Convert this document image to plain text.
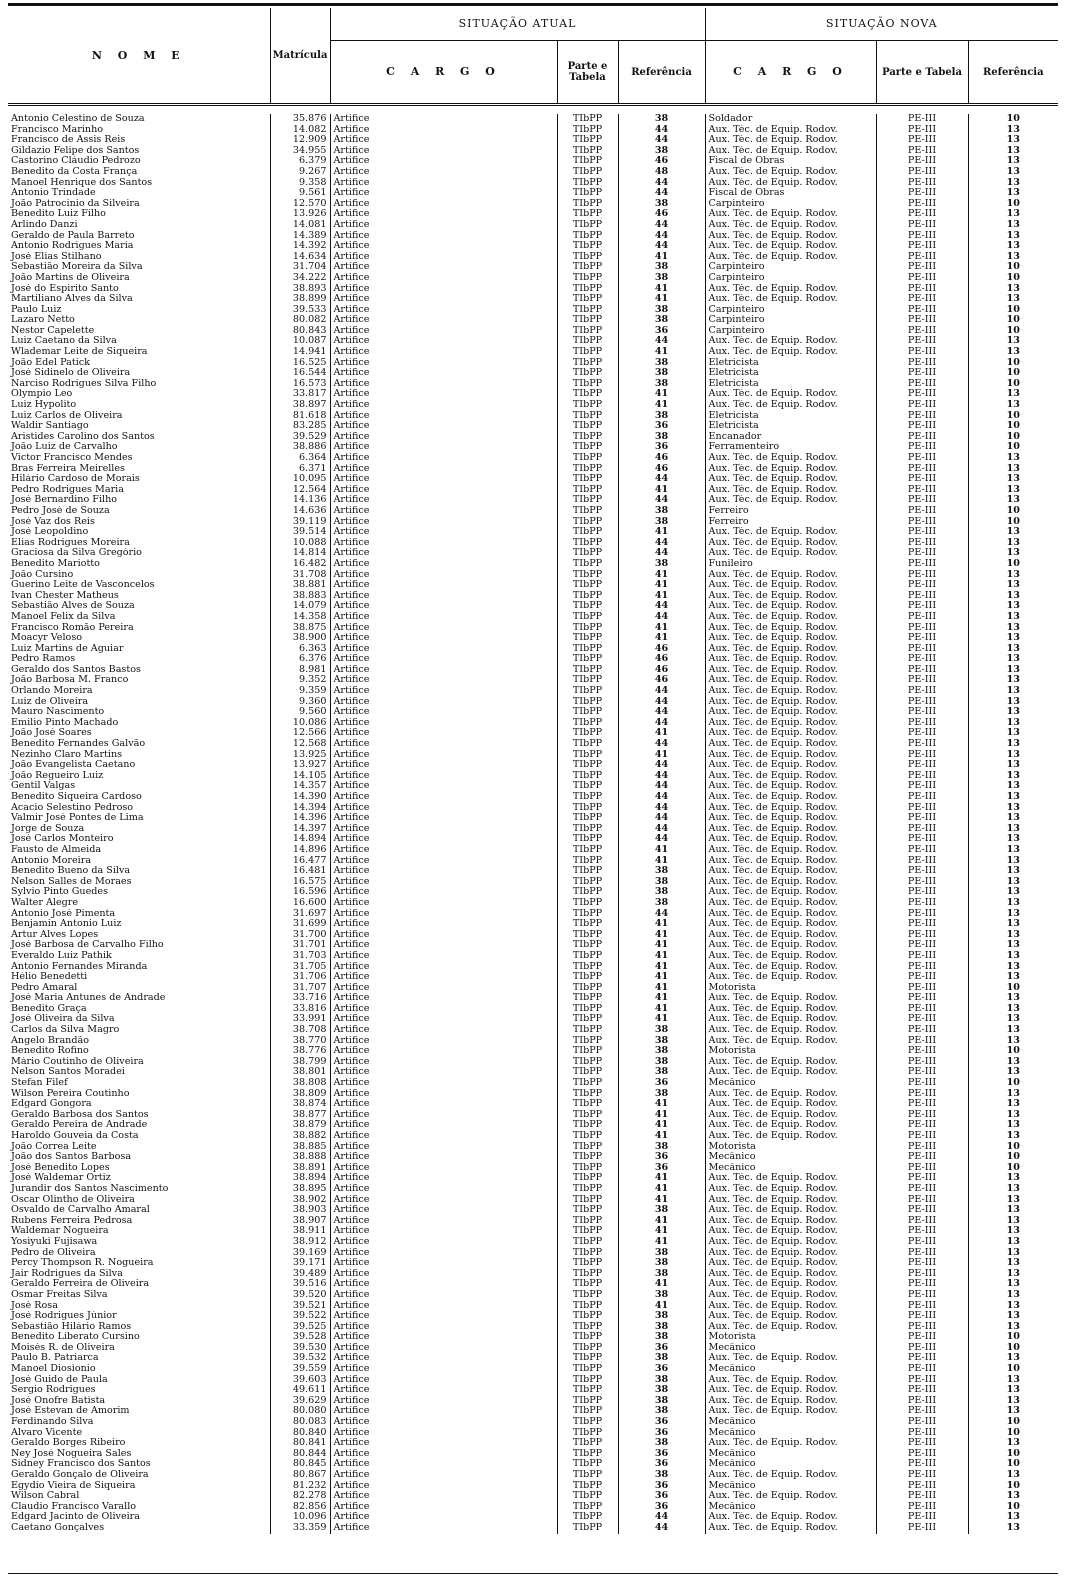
N O M E	Matrícula	SITUAÇÃO ATUAL			SITUAÇÃO NOVA		
		C A R G O	Parte e Tabela	Referência	C A R G O	Parte e Tabela	Referência

Antonio Celestino de Souza	35.876	Artifice	TIbPP	38	Soldador	PE-III	10
Francisco Marinho	14.082	Artifice	TIbPP	44	Aux. Téc. de Equip. Rodov.	PE-III	13
Francisco de Assis Reis	12.909	Artifice	TIbPP	44	Aux. Téc. de Equip. Rodov.	PE-III	13
Gildazio Felipe dos Santos	34.955	Artifice	TIbPP	38	Aux. Téc. de Equip. Rodov.	PE-III	13
Castorino Cláudio Pedrozo	6.379	Artifice	TIbPP	46	Fiscal de Obras	PE-III	13
Benedito da Costa França	9.267	Artifice	TIbPP	48	Aux. Téc. de Equip. Rodov.	PE-III	13
Manoel Henrique dos Santos	9.358	Artifice	TIbPP	44	Aux. Téc. de Equip. Rodov.	PE-III	13
Antonio Trindade	9.561	Artifice	TIbPP	44	Fiscal de Obras	PE-III	13
João Patrocinio da Silveira	12.570	Artifice	TIbPP	38	Carpinteiro	PE-III	10
Benedito Luiz Filho	13.926	Artifice	TIbPP	46	Aux. Téc. de Equip. Rodov.	PE-III	13
Arlindo Danzi	14.081	Artifice	TIbPP	44	Aux. Téc. de Equip. Rodov.	PE-III	13
Geraldo de Paula Barreto	14.389	Artifice	TIbPP	44	Aux. Téc. de Equip. Rodov.	PE-III	13
Antonio Rodrigues Maria	14.392	Artifice	TIbPP	44	Aux. Téc. de Equip. Rodov.	PE-III	13
José Elias Stilhano	14.634	Artifice	TIbPP	41	Aux. Téc. de Equip. Rodov.	PE-III	13
Sebastião Moreira da Silva	31.704	Artifice	TIbPP	38	Carpinteiro	PE-III	10
João Martins de Oliveira	34.222	Artifice	TIbPP	38	Carpinteiro	PE-III	10
José do Espirito Santo	38.893	Artifice	TIbPP	41	Aux. Téc. de Equip. Rodov.	PE-III	13
Martiliano Alves da Silva	38.899	Artifice	TIbPP	41	Aux. Téc. de Equip. Rodov.	PE-III	13
Paulo Luiz	39.533	Artifice	TIbPP	38	Carpinteiro	PE-III	10
Lazaro Netto	80.082	Artifice	TIbPP	38	Carpinteiro	PE-III	10
Nestor Capelette	80.843	Artifice	TIbPP	36	Carpinteiro	PE-III	10
Luiz Caetano da Silva	10.087	Artifice	TIbPP	44	Aux. Téc. de Equip. Rodov.	PE-III	13
Wlademar Leite de Siqueira	14.941	Artifice	TIbPP	41	Aux. Téc. de Equip. Rodov.	PE-III	13
João Edel Patick	16.525	Artifice	TIbPP	38	Eletricista	PE-III	10
José Sidinelo de Oliveira	16.544	Artifice	TIbPP	38	Eletricista	PE-III	10
Narciso Rodrigues Silva Filho	16.573	Artifice	TIbPP	38	Eletricista	PE-III	10
Olympio Leo	33.817	Artifice	TIbPP	41	Aux. Téc. de Equip. Rodov.	PE-III	13
Luiz Hypolito	38.897	Artifice	TIbPP	41	Aux. Téc. de Equip. Rodov.	PE-III	13
Luiz Carlos de Oliveira	81.618	Artifice	TIbPP	38	Eletricista	PE-III	10
Waldir Santiago	83.285	Artifice	TIbPP	36	Eletricista	PE-III	10
Aristides Carolino dos Santos	39.529	Artifice	TIbPP	38	Encanador	PE-III	10
João Luiz de Carvalho	38.886	Artifice	TIbPP	36	Ferramenteiro	PE-III	10
Victor Francisco Mendes	6.364	Artifice	TIbPP	46	Aux. Téc. de Equip. Rodov.	PE-III	13
Bras Ferreira Meirelles	6.371	Artifice	TIbPP	46	Aux. Téc. de Equip. Rodov.	PE-III	13
Hilário Cardoso de Morais	10.095	Artifice	TIbPP	44	Aux. Téc. de Equip. Rodov.	PE-III	13
Pedro Rodrigues Maria	12.564	Artifice	TIbPP	41	Aux. Téc. de Equip. Rodov.	PE-III	13
José Bernardino Filho	14.136	Artifice	TIbPP	44	Aux. Téc. de Equip. Rodov.	PE-III	13
Pedro José de Souza	14.636	Artifice	TIbPP	38	Ferreiro	PE-III	10
José Vaz dos Reis	39.119	Artifice	TIbPP	38	Ferreiro	PE-III	10
José Leopoldino	39.514	Artifice	TIbPP	41	Aux. Téc. de Equip. Rodov.	PE-III	13
Elias Rodrigues Moreira	10.088	Artifice	TIbPP	44	Aux. Téc. de Equip. Rodov.	PE-III	13
Graciosa da Silva Gregório	14.814	Artifice	TIbPP	44	Aux. Téc. de Equip. Rodov.	PE-III	13
Benedito Mariotto	16.482	Artifice	TIbPP	38	Funileiro	PE-III	10
João Cursino	31.708	Artifice	TIbPP	41	Aux. Téc. de Equip. Rodov.	PE-III	13
Guerino Leite de Vasconcelos	38.881	Artifice	TIbPP	41	Aux. Téc. de Equip. Rodov.	PE-III	13
Ivan Chester Matheus	38.883	Artifice	TIbPP	41	Aux. Téc. de Equip. Rodov.	PE-III	13
Sebastião Alves de Souza	14.079	Artifice	TIbPP	44	Aux. Téc. de Equip. Rodov.	PE-III	13
Manoel Felix da Silva	14.358	Artifice	TIbPP	44	Aux. Téc. de Equip. Rodov.	PE-III	13
Francisco Romão Pereira	38.875	Artifice	TIbPP	41	Aux. Téc. de Equip. Rodov.	PE-III	13
Moacyr Veloso	38.900	Artifice	TIbPP	41	Aux. Téc. de Equip. Rodov.	PE-III	13
Luiz Martins de Aguiar	6.363	Artifice	TIbPP	46	Aux. Téc. de Equip. Rodov.	PE-III	13
Pedro Ramos	6.376	Artifice	TIbPP	46	Aux. Téc. de Equip. Rodov.	PE-III	13
Geraldo dos Santos Bastos	8.981	Artifice	TIbPP	46	Aux. Téc. de Equip. Rodov.	PE-III	13
João Barbosa M. Franco	9.352	Artifice	TIbPP	46	Aux. Téc. de Equip. Rodov.	PE-III	13
Orlando Moreira	9.359	Artifice	TIbPP	44	Aux. Téc. de Equip. Rodov.	PE-III	13
Luiz de Oliveira	9.360	Artifice	TIbPP	44	Aux. Téc. de Equip. Rodov.	PE-III	13
Mauro Nascimento	9.560	Artifice	TIbPP	44	Aux. Téc. de Equip. Rodov.	PE-III	13
Emilio Pinto Machado	10.086	Artifice	TIbPP	44	Aux. Téc. de Equip. Rodov.	PE-III	13
João José Soares	12.566	Artifice	TIbPP	41	Aux. Téc. de Equip. Rodov.	PE-III	13
Benedito Fernandes Galvão	12.568	Artifice	TIbPP	44	Aux. Téc. de Equip. Rodov.	PE-III	13
Nezinho Claro Martins	13.925	Artifice	TIbPP	41	Aux. Téc. de Equip. Rodov.	PE-III	13
João Evangelista Caetano	13.927	Artifice	TIbPP	44	Aux. Téc. de Equip. Rodov.	PE-III	13
João Regueiro Luiz	14.105	Artifice	TIbPP	44	Aux. Téc. de Equip. Rodov.	PE-III	13
Gentil Valgas	14.357	Artifice	TIbPP	44	Aux. Téc. de Equip. Rodov.	PE-III	13
Benedito Siqueira Cardoso	14.390	Artifice	TIbPP	44	Aux. Téc. de Equip. Rodov.	PE-III	13
Acacio Selestino Pedroso	14.394	Artifice	TIbPP	44	Aux. Téc. de Equip. Rodov.	PE-III	13
Valmir José Pontes de Lima	14.396	Artifice	TIbPP	44	Aux. Téc. de Equip. Rodov.	PE-III	13
Jorge de Souza	14.397	Artifice	TIbPP	44	Aux. Téc. de Equip. Rodov.	PE-III	13
José Carlos Monteiro	14.894	Artifice	TIbPP	44	Aux. Téc. de Equip. Rodov.	PE-III	13
Fausto de Almeida	14.896	Artifice	TIbPP	41	Aux. Téc. de Equip. Rodov.	PE-III	13
Antonio Moreira	16.477	Artifice	TIbPP	41	Aux. Téc. de Equip. Rodov.	PE-III	13
Benedito Bueno da Silva	16.481	Artifice	TIbPP	38	Aux. Téc. de Equip. Rodov.	PE-III	13
Nelson Salles de Moraes	16.575	Artifice	TIbPP	38	Aux. Téc. de Equip. Rodov.	PE-III	13
Sylvio Pinto Guedes	16.596	Artifice	TIbPP	38	Aux. Téc. de Equip. Rodov.	PE-III	13
Walter Alegre	16.600	Artifice	TIbPP	38	Aux. Téc. de Equip. Rodov.	PE-III	13
Antonio José Pimenta	31.697	Artifice	TIbPP	44	Aux. Téc. de Equip. Rodov.	PE-III	13
Benjamin Antonio Luiz	31.699	Artifice	TIbPP	41	Aux. Téc. de Equip. Rodov.	PE-III	13
Artur Alves Lopes	31.700	Artifice	TIbPP	41	Aux. Téc. de Equip. Rodov.	PE-III	13
José Barbosa de Carvalho Filho	31.701	Artifice	TIbPP	41	Aux. Téc. de Equip. Rodov.	PE-III	13
Everaldo Luiz Pathik	31.703	Artifice	TIbPP	41	Aux. Téc. de Equip. Rodov.	PE-III	13
Antonio Fernandes Miranda	31.705	Artifice	TIbPP	41	Aux. Téc. de Equip. Rodov.	PE-III	13
Hélio Benedetti	31.706	Artifice	TIbPP	41	Aux. Téc. de Equip. Rodov.	PE-III	13
Pedro Amaral	31.707	Artifice	TIbPP	41	Motorista	PE-III	10
José Maria Antunes de Andrade	33.716	Artifice	TIbPP	41	Aux. Téc. de Equip. Rodov.	PE-III	13
Benedito Graça	33.816	Artifice	TIbPP	41	Aux. Téc. de Equip. Rodov.	PE-III	13
José Oliveira da Silva	33.991	Artifice	TIbPP	41	Aux. Téc. de Equip. Rodov.	PE-III	13
Carlos da Silva Magro	38.708	Artifice	TIbPP	38	Aux. Téc. de Equip. Rodov.	PE-III	13
Angelo Brandão	38.770	Artifice	TIbPP	38	Aux. Téc. de Equip. Rodov.	PE-III	13
Benedito Rofino	38.776	Artifice	TIbPP	38	Motorista	PE-III	10
Mário Coutinho de Oliveira	38.799	Artifice	TIbPP	38	Aux. Téc. de Equip. Rodov.	PE-III	13
Nelson Santos Moradei	38.801	Artifice	TIbPP	38	Aux. Téc. de Equip. Rodov.	PE-III	13
Stefan Filef	38.808	Artifice	TIbPP	36	Mecânico	PE-III	10
Wilson Pereira Coutinho	38.809	Artifice	TIbPP	38	Aux. Téc. de Equip. Rodov.	PE-III	13
Edgard Gongora	38.874	Artifice	TIbPP	41	Aux. Téc. de Equip. Rodov.	PE-III	13
Geraldo Barbosa dos Santos	38.877	Artifice	TIbPP	41	Aux. Téc. de Equip. Rodov.	PE-III	13
Geraldo Pereira de Andrade	38.879	Artifice	TIbPP	41	Aux. Téc. de Equip. Rodov.	PE-III	13
Haroldo Gouveia da Costa	38.882	Artifice	TIbPP	41	Aux. Téc. de Equip. Rodov.	PE-III	13
João Correa Leite	38.885	Artifice	TIbPP	38	Motorista	PE-III	10
João dos Santos Barbosa	38.888	Artifice	TIbPP	36	Mecânico	PE-III	10
José Benedito Lopes	38.891	Artifice	TIbPP	36	Mecânico	PE-III	10
José Waldemar Ortiz	38.894	Artifice	TIbPP	41	Aux. Téc. de Equip. Rodov.	PE-III	13
Jurandir dos Santos Nascimento	38.895	Artifice	TIbPP	41	Aux. Téc. de Equip. Rodov.	PE-III	13
Oscar Olintho de Oliveira	38.902	Artifice	TIbPP	41	Aux. Téc. de Equip. Rodov.	PE-III	13
Osvaldo de Carvalho Amaral	38.903	Artifice	TIbPP	38	Aux. Téc. de Equip. Rodov.	PE-III	13
Rubens Ferreira Pedrosa	38.907	Artifice	TIbPP	41	Aux. Téc. de Equip. Rodov.	PE-III	13
Waldemar Nogueira	38.911	Artifice	TIbPP	41	Aux. Téc. de Equip. Rodov.	PE-III	13
Yosiyuki Fujisawa	38.912	Artifice	TIbPP	41	Aux. Téc. de Equip. Rodov.	PE-III	13
Pedro de Oliveira	39.169	Artifice	TIbPP	38	Aux. Téc. de Equip. Rodov.	PE-III	13
Percy Thompson R. Nogueira	39.171	Artifice	TIbPP	38	Aux. Téc. de Equip. Rodov.	PE-III	13
Jair Rodrigues da Silva	39.489	Artifice	TIbPP	38	Aux. Téc. de Equip. Rodov.	PE-III	13
Geraldo Ferreira de Oliveira	39.516	Artifice	TIbPP	41	Aux. Téc. de Equip. Rodov.	PE-III	13
Osmar Freitas Silva	39.520	Artifice	TIbPP	38	Aux. Téc. de Equip. Rodov.	PE-III	13
José Rosa	39.521	Artifice	TIbPP	41	Aux. Téc. de Equip. Rodov.	PE-III	13
José Rodrigues Júnior	39.522	Artifice	TIbPP	38	Aux. Téc. de Equip. Rodov.	PE-III	13
Sebastião Hilário Ramos	39.525	Artifice	TIbPP	38	Aux. Téc. de Equip. Rodov.	PE-III	13
Benedito Liberato Cursino	39.528	Artifice	TIbPP	38	Motorista	PE-III	10
Moisés R. de Oliveira	39.530	Artifice	TIbPP	36	Mecânico	PE-III	10
Paulo B. Patriarca	39.532	Artifice	TIbPP	38	Aux. Téc. de Equip. Rodov.	PE-III	13
Manoel Diosionio	39.559	Artifice	TIbPP	36	Mecânico	PE-III	10
José Guido de Paula	39.603	Artifice	TIbPP	38	Aux. Téc. de Equip. Rodov.	PE-III	13
Sergio Rodrigues	49.611	Artifice	TIbPP	38	Aux. Téc. de Equip. Rodov.	PE-III	13
José Onofre Batista	39.629	Artifice	TIbPP	38	Aux. Téc. de Equip. Rodov.	PE-III	13
José Estevan de Amorim	80.080	Artifice	TIbPP	38	Aux. Téc. de Equip. Rodov.	PE-III	13
Ferdinando Silva	80.083	Artifice	TIbPP	36	Mecânico	PE-III	10
Alvaro Vicente	80.840	Artifice	TIbPP	36	Mecânico	PE-III	10
Geraldo Borges Ribeiro	80.841	Artifice	TIbPP	38	Aux. Téc. de Equip. Rodov.	PE-III	13
Ney José Nogueira Sales	80.844	Artifice	TIbPP	36	Mecânico	PE-III	10
Sidney Francisco dos Santos	80.845	Artifice	TIbPP	36	Mecânico	PE-III	10
Geraldo Gonçalo de Oliveira	80.867	Artifice	TIbPP	38	Aux. Téc. de Equip. Rodov.	PE-III	13
Egydio Vieira de Siqueira	81.232	Artifice	TIbPP	36	Mecânico	PE-III	10
Wilson Cabral	82.278	Artifice	TIbPP	36	Aux. Téc. de Equip. Rodov.	PE-III	13
Claudio Francisco Varallo	82.856	Artifice	TIbPP	36	Mecânico	PE-III	10
Edgard Jacinto de Oliveira	10.096	Artifice	TIbPP	44	Aux. Téc. de Equip. Rodov.	PE-III	13
Caetano Gonçalves	33.359	Artifice	TIbPP	44	Aux. Téc. de Equip. Rodov.	PE-III	13
